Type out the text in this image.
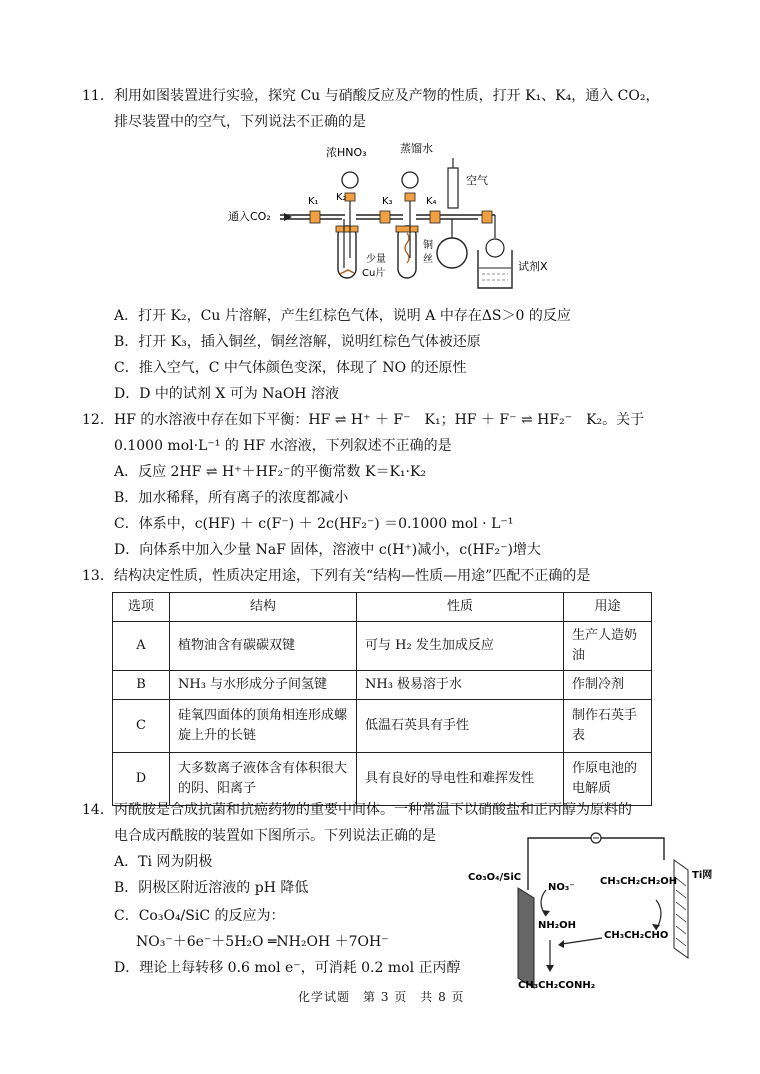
11．利用如图装置进行实验，探究 Cu 与硝酸反应及产物的性质，打开 K₁、K₄，通入 CO₂，
排尽装置中的空气，下列说法不正确的是
浓HNO₃	蒸馏水
空气
通入CO₂
K₁ K₂	K₃	K₄
少量
Cu片
铜
丝
试剂X
A．打开 K₂，Cu 片溶解，产生红棕色气体，说明 A 中存在ΔS＞0 的反应
B．打开 K₃，插入铜丝，铜丝溶解，说明红棕色气体被还原
C．推入空气，C 中气体颜色变深，体现了 NO 的还原性
D．D 中的试剂 X 可为 NaOH 溶液
12．HF 的水溶液中存在如下平衡：HF ⇌ H⁺ ＋ F⁻　K₁；HF ＋ F⁻ ⇌ HF₂⁻　K₂。关于
0.1000 mol·L⁻¹ 的 HF 水溶液，下列叙述不正确的是
A．反应 2HF ⇌ H⁺＋HF₂⁻的平衡常数 K＝K₁·K₂
B．加水稀释，所有离子的浓度都减小
C．体系中，c(HF) ＋ c(F⁻) ＋ 2c(HF₂⁻) ＝0.1000 mol · L⁻¹
D．向体系中加入少量 NaF 固体，溶液中 c(H⁺)减小，c(HF₂⁻)增大
13．结构决定性质，性质决定用途，下列有关“结构—性质—用途”匹配不正确的是
选项	结构	性质	用途
A	植物油含有碳碳双键	可与 H₂ 发生加成反应	生产人造奶油
B	NH₃ 与水形成分子间氢键	NH₃ 极易溶于水	作制冷剂
C	硅氧四面体的顶角相连形成螺旋上升的长链	低温石英具有手性	制作石英手表
D	大多数离子液体含有体积很大的阴、阳离子	具有良好的导电性和难挥发性	作原电池的电解质
14．丙酰胺是合成抗菌和抗癌药物的重要中间体。一种常温下以硝酸盐和正丙醇为原料的
电合成丙酰胺的装置如下图所示。下列说法正确的是
A．Ti 网为阴极
B．阴极区附近溶液的 pH 降低
C．Co₃O₄/SiC 的反应为：
NO₃⁻＋6e⁻＋5H₂O ═NH₂OH ＋7OH⁻
D．理论上每转移 0.6 mol e⁻，可消耗 0.2 mol 正丙醇
Co₃O₄/SiC	Ti网
NO₃⁻
NH₂OH
CH₃CH₂CH₂OH
CH₃CH₂CHO
CH₃CH₂CONH₂
化学试题　第 3 页　共 8 页
